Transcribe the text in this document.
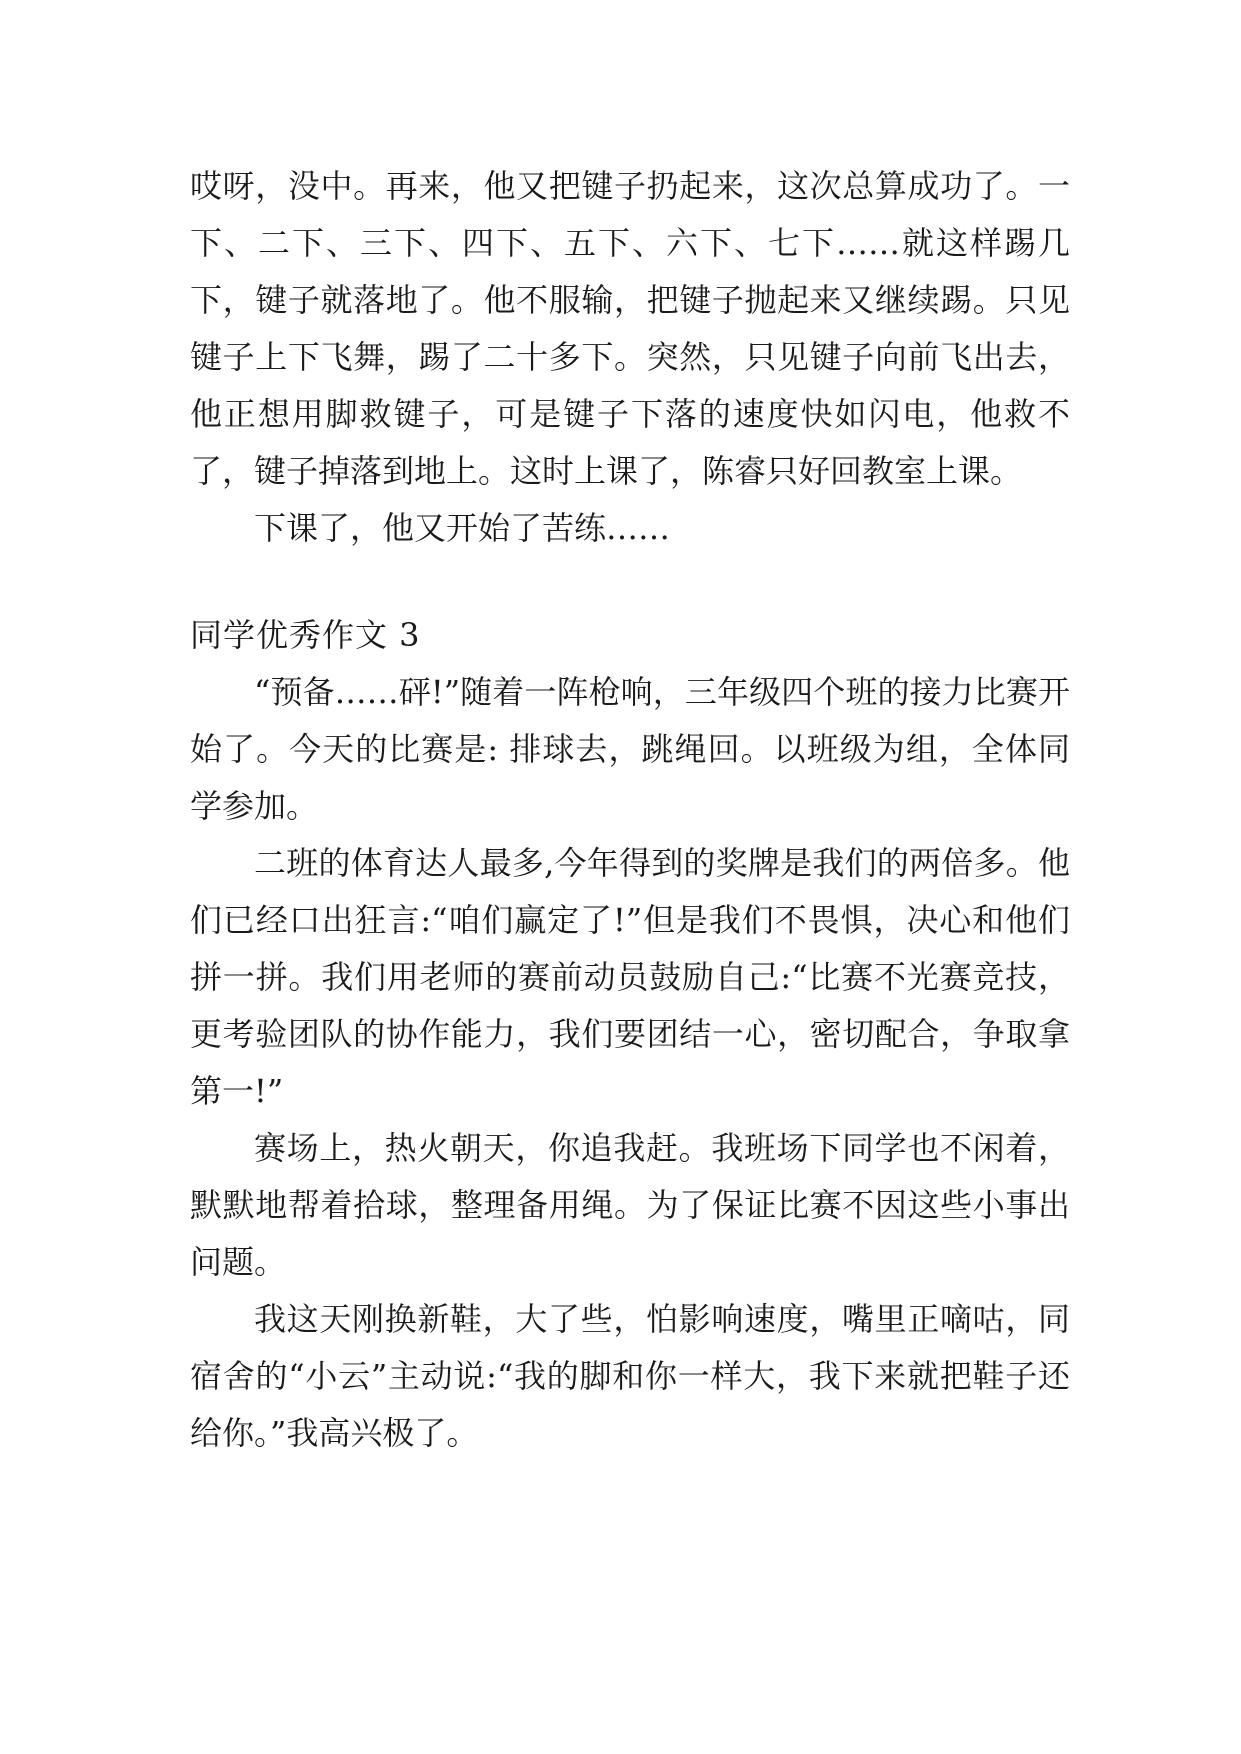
哎呀，没中。再来，他又把键子扔起来，这次总算成功了。一下、二下、三下、四下、五下、六下、七下……就这样踢几下，键子就落地了。他不服输，把键子抛起来又继续踢。只见键子上下飞舞，踢了二十多下。突然，只见键子向前飞出去，他正想用脚救键子，可是键子下落的速度快如闪电，他救不了，键子掉落到地上。这时上课了，陈睿只好回教室上课。

下课了，他又开始了苦练……

同学优秀作文 3

“预备……砰!”随着一阵枪响，三年级四个班的接力比赛开始了。今天的比赛是: 排球去，跳绳回。以班级为组，全体同学参加。

二班的体育达人最多,今年得到的奖牌是我们的两倍多。他们已经口出狂言:“咱们赢定了!”但是我们不畏惧，决心和他们拼一拼。我们用老师的赛前动员鼓励自己:“比赛不光赛竞技，更考验团队的协作能力，我们要团结一心，密切配合，争取拿第一!”

赛场上，热火朝天，你追我赶。我班场下同学也不闲着，默默地帮着拾球，整理备用绳。为了保证比赛不因这些小事出问题。

我这天刚换新鞋，大了些，怕影响速度，嘴里正嘀咕，同宿舍的“小云”主动说:“我的脚和你一样大，我下来就把鞋子还给你。”我高兴极了。
